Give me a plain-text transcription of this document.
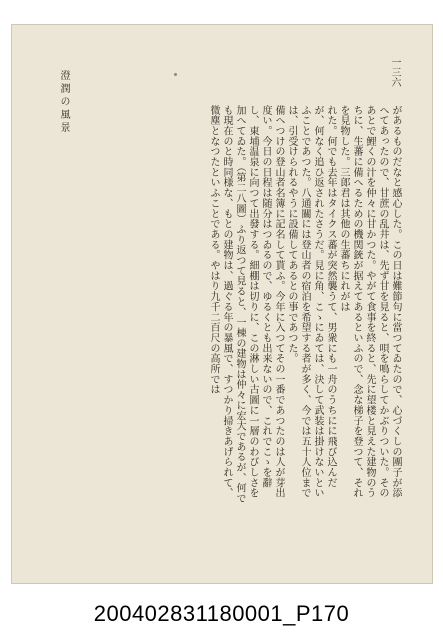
一三六
澄潤の風景

があるものだなと感心した。この日は難節句に當つてゐたので、心づくしの團子が添へてあったので、甘蔗の乱井は、先ず甘を見ると、唄を鳴らしてかぶりついた。そのあとで鯉くの汁を仲々に甘かつた。やがて食事を終ると、先に望楼と見えた建物のうちに、生蕃に備へるための機関銃が据えてあるといふので、念な梯子を登つて、それを見物した。三郎君は其他の生蕃ちにれがは

れた。何でも去年はタイクス蕃が突然襲うて、男衆にも一舟のうちにに飛び込んだが、何なく追ひ返されたさうだ。見に角、こゝにゐては、決して武装は掛けないといふことであつた。八通關には登山者の宿泊を希望する者が多く、今では五十人位までは、引受けられるやうに設備してあるとの事であつた。

備へつけの登山者名簿に記名して貰ふ。今年に入つてその一番であつたのは人が芽出度い。今日の日程は随分はつゐるので、ゆるくとも出来ないので、これでこゝを辭し、東埔温泉に向つて出發する。細棚は切りに、この淋しい古圖に一層のわびしさを加へてゐた。（第二八圖）ふり返つて見ると、一棟の建物は仲々に宏大であるが、何でも現在のと時同様な、もとの建物は、過ぐる年の暴風で、すつかり掃きあげられて、微塵となつたといふことである。やはり九千二百尺の高所では

200402831180001_P170
